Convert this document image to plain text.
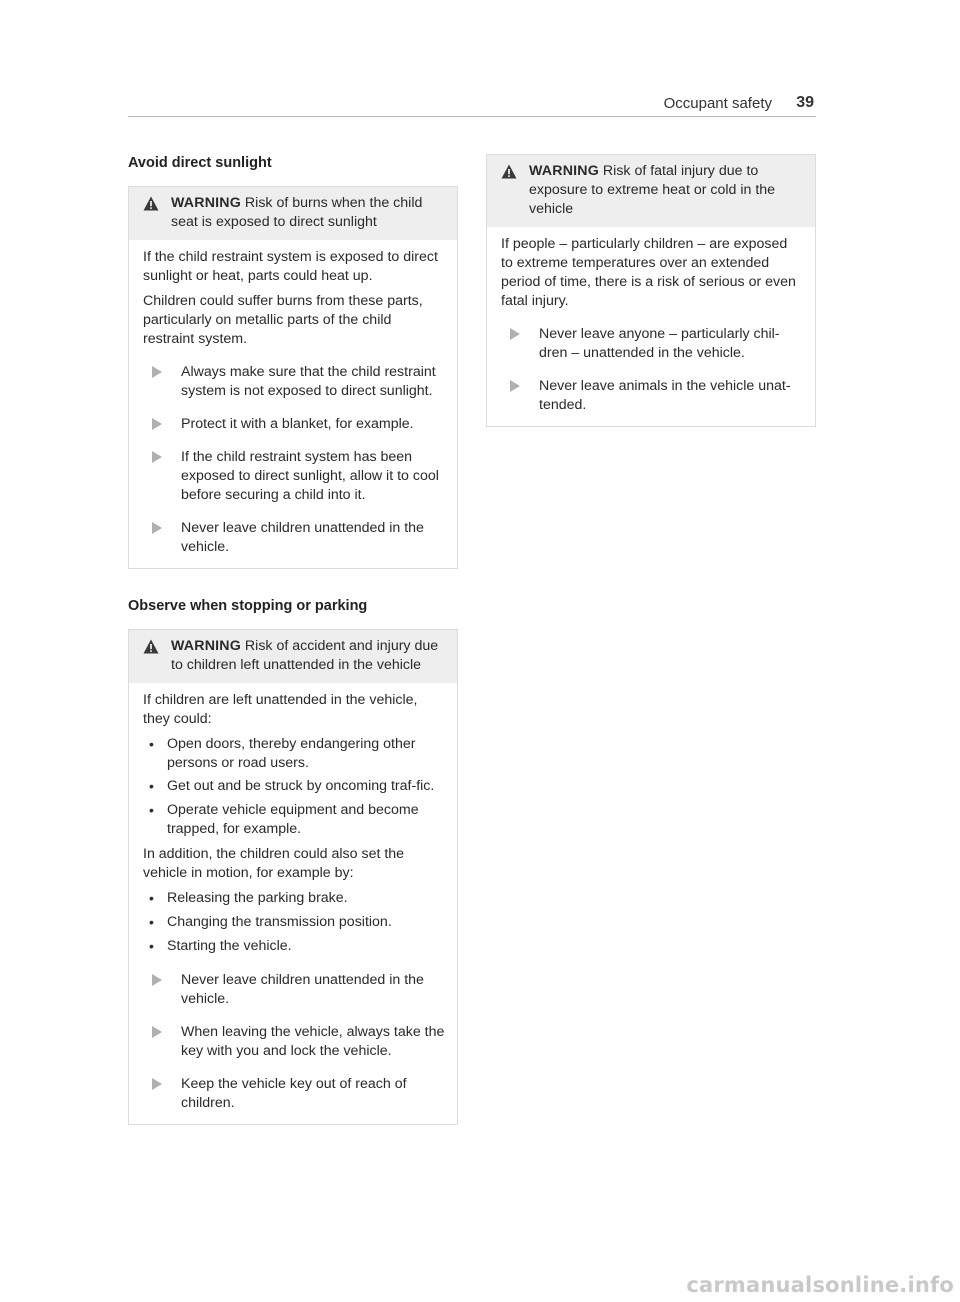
Occupant safety 39
Avoid direct sunlight
WARNING Risk of burns when the child seat is exposed to direct sunlight

If the child restraint system is exposed to direct sunlight or heat, parts could heat up.

Children could suffer burns from these parts, particularly on metallic parts of the child restraint system.

Always make sure that the child restraint system is not exposed to direct sunlight.
Protect it with a blanket, for example.
If the child restraint system has been exposed to direct sunlight, allow it to cool before securing a child into it.
Never leave children unattended in the vehicle.
Observe when stopping or parking
WARNING Risk of accident and injury due to children left unattended in the vehicle

If children are left unattended in the vehicle, they could:

•
Open doors, thereby endangering other persons or road users.
•
Get out and be struck by oncoming traf-fic.
•
Operate vehicle equipment and become trapped, for example.

In addition, the children could also set the vehicle in motion, for example by:

•
Releasing the parking brake.
•
Changing the transmission position.
•
Starting the vehicle.
Never leave children unattended in the vehicle.
When leaving the vehicle, always take the key with you and lock the vehicle.
Keep the vehicle key out of reach of children.
WARNING Risk of fatal injury due to exposure to extreme heat or cold in the vehicle

If people – particularly children – are exposed to extreme temperatures over an extended period of time, there is a risk of serious or even fatal injury.

Never leave anyone – particularly chil-dren – unattended in the vehicle.
Never leave animals in the vehicle unat-tended.
carmanualsonline.info
